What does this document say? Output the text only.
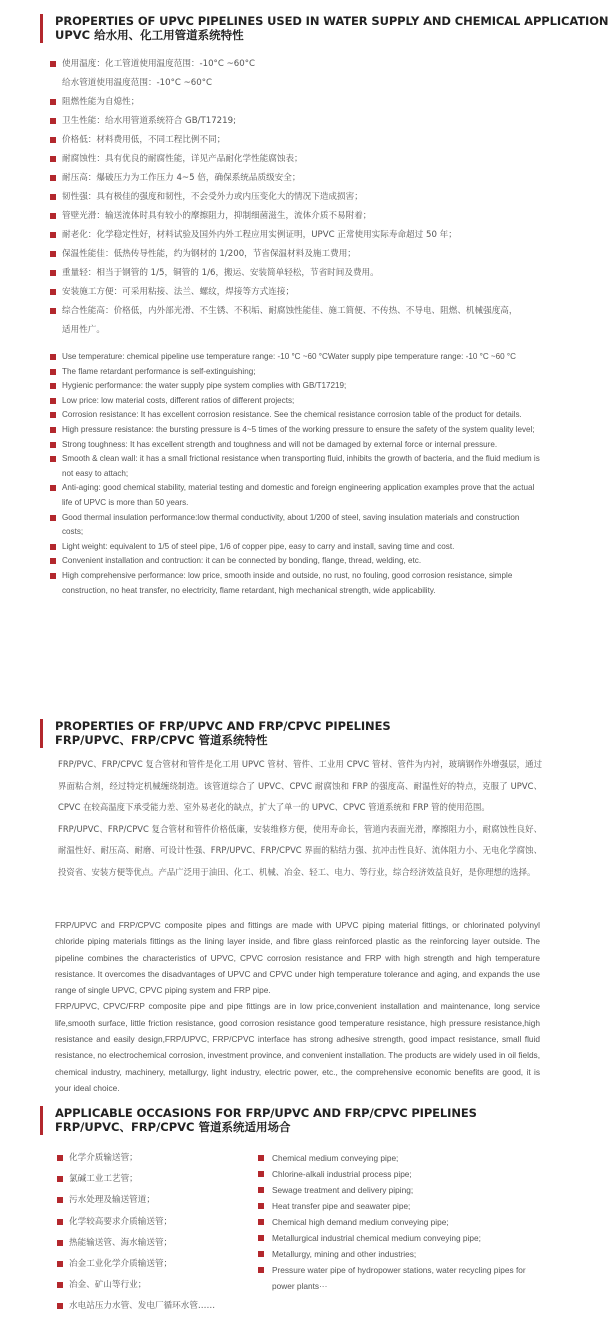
PROPERTIES OF UPVC PIPELINES USED IN WATER SUPPLY AND CHEMICAL APPLICATION
UPVC 给水用、化工用管道系统特性
使用温度：化工管道使用温度范围：-10°C ~60°C
给水管道使用温度范围：-10°C ~60°C
阻燃性能为自熄性；
卫生性能：给水用管道系统符合 GB/T17219;
价格低：材料费用低，不同工程比例不同；
耐腐蚀性：具有优良的耐腐性能，详见产品耐化学性能腐蚀表；
耐压高：爆破压力为工作压力 4~5 倍，确保系统品质级安全；
韧性强：具有极佳的强度和韧性，不会受外力或内压变化大的情况下造成损害；
管壁光滑：输送流体时具有较小的摩擦阻力，抑制细菌滋生，流体介质不易附着；
耐老化：化学稳定性好，材料试验及国外内外工程应用实例证明，UPVC 正常使用实际寿命超过 50 年；
保温性能佳：低热传导性能，约为钢材的 1/200，节省保温材料及施工费用；
重量轻：相当于钢管的 1/5，铜管的 1/6，搬运、安装简单轻松，节省时间及费用。
安装施工方便：可采用粘接、法兰、螺纹，焊接等方式连接；
综合性能高：价格低，内外部光滑、不生锈、不积垢、耐腐蚀性能佳、施工简便、不传热、不导电、阻燃、机械强度高，
适用性广。
Use temperature: chemical pipeline use temperature range: -10 °C ~60 °CWater supply pipe temperature range: -10 °C ~60 °C
The flame retardant performance is self-extinguishing;
Hygienic performance: the water supply pipe system complies with GB/T17219;
Low price: low material costs, different ratios of different projects;
Corrosion resistance: It has excellent corrosion resistance. See the chemical resistance corrosion table of the product for details.
High pressure resistance: the bursting pressure is 4~5 times of the working pressure to ensure the safety of the system quality level;
Strong toughness: It has excellent strength and toughness and will not be damaged by external force or internal pressure.
Smooth & clean wall: it has a small frictional resistance when transporting fluid, inhibits the growth of bacteria, and the fluid medium is not easy to attach;
Anti-aging: good chemical stability, material testing and domestic and foreign engineering application examples prove that the actual life of UPVC is more than 50 years.
Good thermal insulation performance:low thermal conductivity, about 1/200 of steel, saving insulation materials and construction costs;
Light weight: equivalent to 1/5 of steel pipe, 1/6 of copper pipe, easy to carry and install, saving time and cost.
Convenient installation and contruction: it can be connected by bonding, flange, thread, welding, etc.
High comprehensive performance: low price, smooth inside and outside, no rust, no fouling, good corrosion resistance, simple construction, no heat transfer, no electricity, flame retardant, high mechanical strength, wide applicability.
PROPERTIES OF FRP/UPVC AND FRP/CPVC PIPELINES
FRP/UPVC、FRP/CPVC 管道系统特性

FRP/PVC、FRP/CPVC 复合管材和管件是化工用 UPVC 管材、管件、工业用 CPVC 管材、管件为内衬，玻璃钢作外增强层，通过界面粘合剂，经过特定机械缠绕制造。该管道综合了 UPVC、CPVC 耐腐蚀和 FRP 的强度高、耐温性好的特点，克服了 UPVC、CPVC 在较高温度下承受能力差、室外易老化的缺点，扩大了单一的 UPVC、CPVC 管道系统和 FRP 管的使用范围。

FRP/UPVC、FRP/CPVC 复合管材和管件价格低廉，安装维修方便，使用寿命长，管道内表面光滑，摩擦阻力小，耐腐蚀性良好、耐温性好、耐压高、耐磨、可设计性强、FRP/UPVC、FRP/CPVC 界面的粘结力强、抗冲击性良好、流体阻力小、无电化学腐蚀、投资省、安装方便等优点。产品广泛用于油田、化工、机械、冶金、轻工、电力、等行业，综合经济效益良好，是你理想的选择。

FRP/UPVC and FRP/CPVC composite pipes and fittings are made with UPVC piping material fittings, or chlorinated polyvinyl chloride piping materials fittings as the lining layer inside, and fibre glass reinforced plastic as the reinforcing layer outside. The pipeline combines the characteristics of UPVC, CPVC corrosion resistance and FRP with high strength and high temperature resistance. It overcomes the disadvantages of UPVC and CPVC under high temperature tolerance and aging, and expands the use range of single UPVC, CPVC piping system and FRP pipe.

FRP/UPVC, CPVC/FRP composite pipe and pipe fittings are in low price,convenient installation and maintenance, long service life,smooth surface, little friction resistance, good corrosion resistance good temperature resistance, high pressure resistance,high resistance and easily design,FRP/UPVC, FRP/CPVC interface has strong adhesive strength, good impact resistance, small fluid resistance, no electrochemical corrosion, investment province, and convenient installation. The products are widely used in oil fields, chemical industry, machinery, metallurgy, light industry, electric power, etc., the comprehensive economic benefits are good, it is your ideal choice.

APPLICABLE OCCASIONS FOR FRP/UPVC AND FRP/CPVC PIPELINES
FRP/UPVC、FRP/CPVC 管道系统适用场合
化学介质输送管；
氯碱工业工艺管；
污水处理及输送管道；
化学较高要求介质输送管；
热能输送管、海水输送管；
冶金工业化学介质输送管；
冶金、矿山等行业；
水电站压力水管、发电厂循环水管……
Chemical medium conveying pipe;
Chlorine-alkali industrial process pipe;
Sewage treatment and delivery piping;
Heat transfer pipe and seawater pipe;
Chemical high demand medium conveying pipe;
Metallurgical industrial chemical medium conveying pipe;
Metallurgy, mining and other industries;
Pressure water pipe of hydropower stations, water recycling pipes for power plants···
